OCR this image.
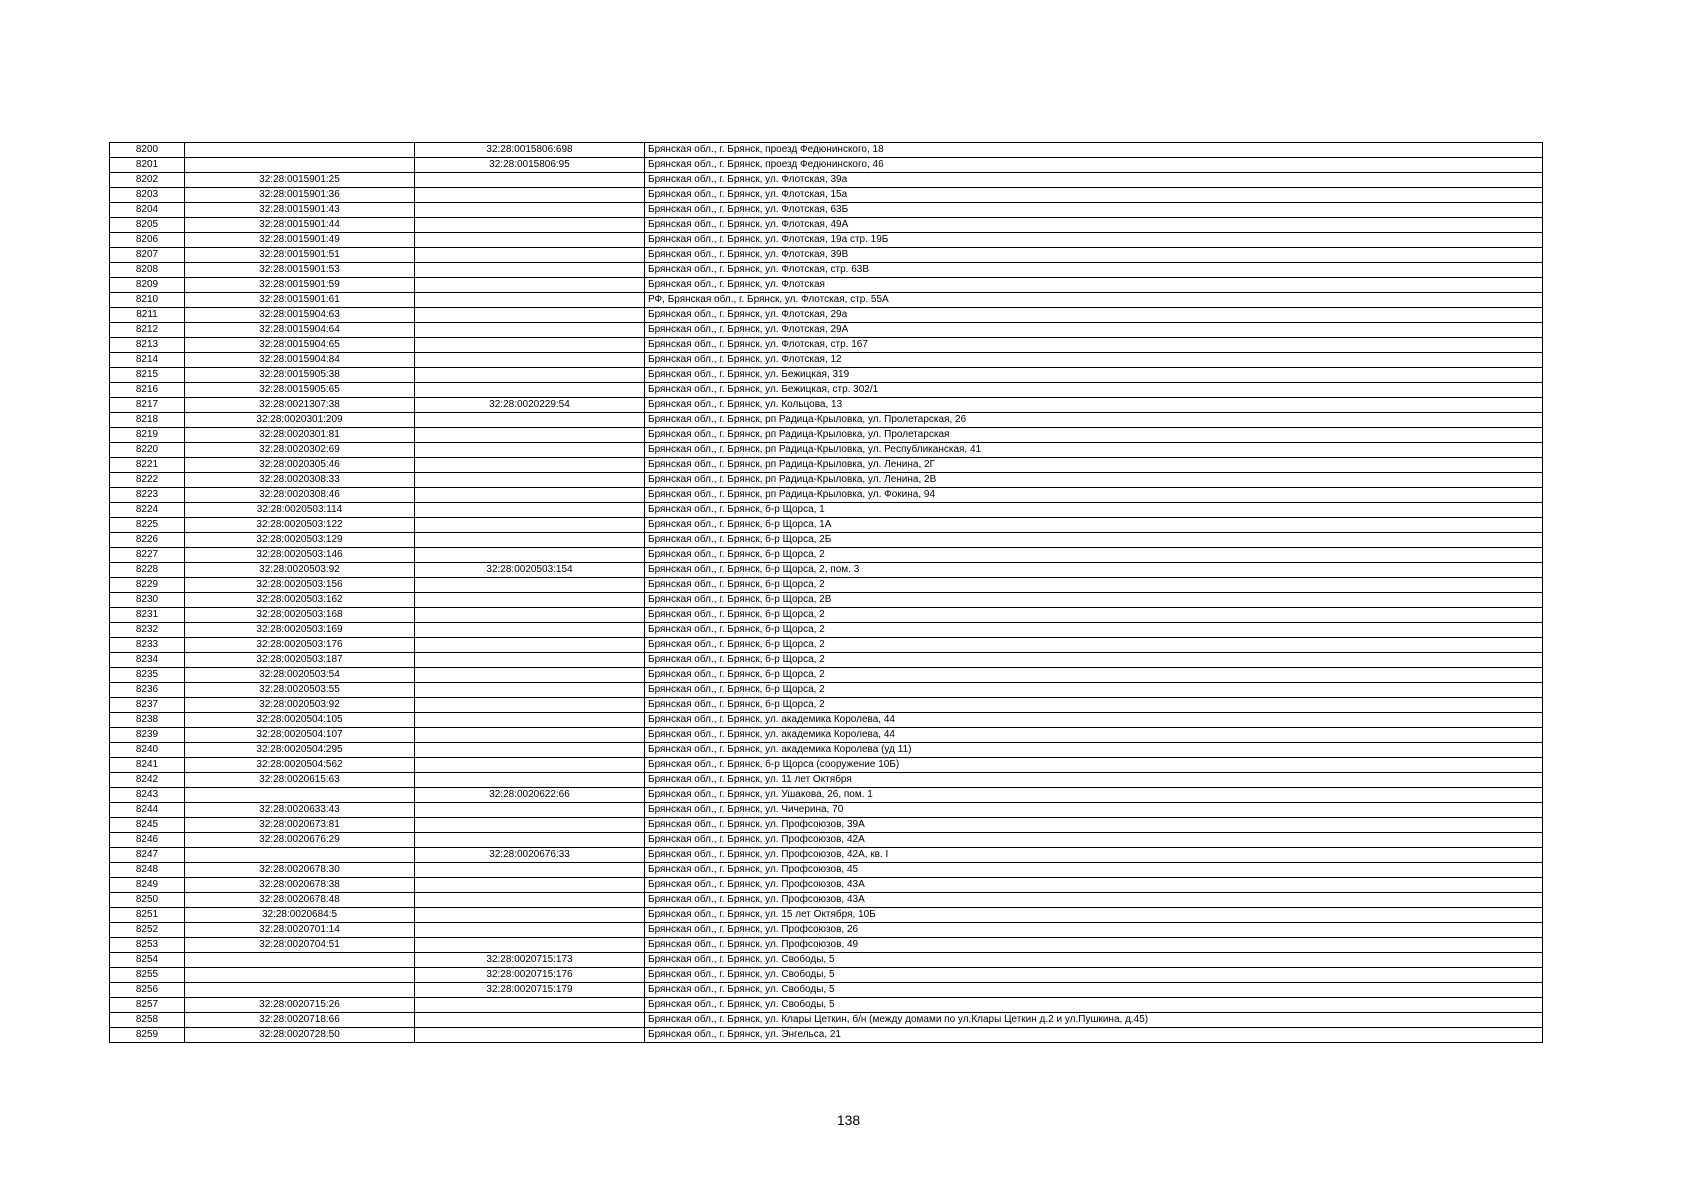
8200		32:28:0015806:698	Брянская обл., г. Брянск, проезд Федюнинского, 18
8201		32:28:0015806:95	Брянская обл., г. Брянск, проезд Федюнинского, 46
8202	32:28:0015901:25		Брянская обл., г. Брянск, ул. Флотская, 39а
8203	32:28:0015901:36		Брянская обл., г. Брянск, ул. Флотская, 15а
8204	32:28:0015901:43		Брянская обл., г. Брянск, ул. Флотская, 63Б
8205	32:28:0015901:44		Брянская обл., г. Брянск, ул. Флотская, 49А
8206	32:28:0015901:49		Брянская обл., г. Брянск, ул. Флотская, 19а стр. 19Б
8207	32:28:0015901:51		Брянская обл., г. Брянск, ул. Флотская, 39В
8208	32:28:0015901:53		Брянская обл., г. Брянск, ул. Флотская, стр. 63В
8209	32:28:0015901:59		Брянская обл., г. Брянск, ул. Флотская
8210	32:28:0015901:61		РФ, Брянская обл., г. Брянск, ул. Флотская, стр. 55А
8211	32:28:0015904:63		Брянская обл., г. Брянск, ул. Флотская, 29а
8212	32:28:0015904:64		Брянская обл., г. Брянск, ул. Флотская, 29А
8213	32:28:0015904:65		Брянская обл., г. Брянск, ул. Флотская, стр. 167
8214	32:28:0015904:84		Брянская обл., г. Брянск, ул. Флотская, 12
8215	32:28:0015905:38		Брянская обл., г. Брянск, ул. Бежицкая, 319
8216	32:28:0015905:65		Брянская обл., г. Брянск, ул. Бежицкая, стр. 302/1
8217	32:28:0021307:38	32:28:0020229:54	Брянская обл., г. Брянск, ул. Кольцова, 13
8218	32:28:0020301:209		Брянская обл., г. Брянск, рп Радица-Крыловка, ул. Пролетарская, 26
8219	32:28:0020301:81		Брянская обл., г. Брянск, рп Радица-Крыловка, ул. Пролетарская
8220	32:28:0020302:69		Брянская обл., г. Брянск, рп Радица-Крыловка, ул. Республиканская, 41
8221	32:28:0020305:46		Брянская обл., г. Брянск, рп Радица-Крыловка, ул. Ленина, 2Г
8222	32:28:0020308:33		Брянская обл., г. Брянск, рп Радица-Крыловка, ул. Ленина, 2В
8223	32:28:0020308:46		Брянская обл., г. Брянск, рп Радица-Крыловка, ул. Фокина, 94
8224	32:28:0020503:114		Брянская обл., г. Брянск, б-р Щорса, 1
8225	32:28:0020503:122		Брянская обл., г. Брянск, б-р Щорса, 1А
8226	32:28:0020503:129		Брянская обл., г. Брянск, б-р Щорса, 2Б
8227	32:28:0020503:146		Брянская обл., г. Брянск, б-р Щорса, 2
8228	32:28:0020503:92	32:28:0020503:154	Брянская обл., г. Брянск, б-р Щорса, 2, пом. 3
8229	32:28:0020503:156		Брянская обл., г. Брянск, б-р Щорса, 2
8230	32:28:0020503:162		Брянская обл., г. Брянск, б-р Щорса, 2В
8231	32:28:0020503:168		Брянская обл., г. Брянск, б-р Щорса, 2
8232	32:28:0020503:169		Брянская обл., г. Брянск, б-р Щорса, 2
8233	32:28:0020503:176		Брянская обл., г. Брянск, б-р Щорса, 2
8234	32:28:0020503:187		Брянская обл., г. Брянск, б-р Щорса, 2
8235	32:28:0020503:54		Брянская обл., г. Брянск, б-р Щорса, 2
8236	32:28:0020503:55		Брянская обл., г. Брянск, б-р Щорса, 2
8237	32:28:0020503:92		Брянская обл., г. Брянск, б-р Щорса, 2
8238	32:28:0020504:105		Брянская обл., г. Брянск, ул. академика Королева, 44
8239	32:28:0020504:107		Брянская обл., г. Брянск, ул. академика Королева, 44
8240	32:28:0020504:295		Брянская обл., г. Брянск, ул. академика Королева (уд 11)
8241	32:28:0020504:562		Брянская обл., г. Брянск, б-р Щорса (сооружение 10Б)
8242	32:28:0020615:63		Брянская обл., г. Брянск, ул. 11 лет Октября
8243		32:28:0020622:66	Брянская обл., г. Брянск, ул. Ушакова, 26, пом. 1
8244	32:28:0020633:43		Брянская обл., г. Брянск, ул. Чичерина, 70
8245	32:28:0020673:81		Брянская обл., г. Брянск, ул. Профсоюзов, 39А
8246	32:28:0020676:29		Брянская обл., г. Брянск, ул. Профсоюзов, 42А
8247		32:28:0020676:33	Брянская обл., г. Брянск, ул. Профсоюзов, 42А, кв. I
8248	32:28:0020678:30		Брянская обл., г. Брянск, ул. Профсоюзов, 45
8249	32:28:0020678:38		Брянская обл., г. Брянск, ул. Профсоюзов, 43А
8250	32:28:0020678:48		Брянская обл., г. Брянск, ул. Профсоюзов, 43А
8251	32:28:0020684:5		Брянская обл., г. Брянск, ул. 15 лет Октября, 10Б
8252	32:28:0020701:14		Брянская обл., г. Брянск, ул. Профсоюзов, 26
8253	32:28:0020704:51		Брянская обл., г. Брянск, ул. Профсоюзов, 49
8254		32:28:0020715:173	Брянская обл., г. Брянск, ул. Свободы, 5
8255		32:28:0020715:176	Брянская обл., г. Брянск, ул. Свободы, 5
8256		32:28:0020715:179	Брянская обл., г. Брянск, ул. Свободы, 5
8257	32:28:0020715:26		Брянская обл., г. Брянск, ул. Свободы, 5
8258	32:28:0020718:66		Брянская обл., г. Брянск, ул. Клары Цеткин, б/н (между домами по ул.Клары Цеткин д.2 и ул.Пушкина, д.45)
8259	32:28:0020728:50		Брянская обл., г. Брянск, ул. Энгельса, 21
138
